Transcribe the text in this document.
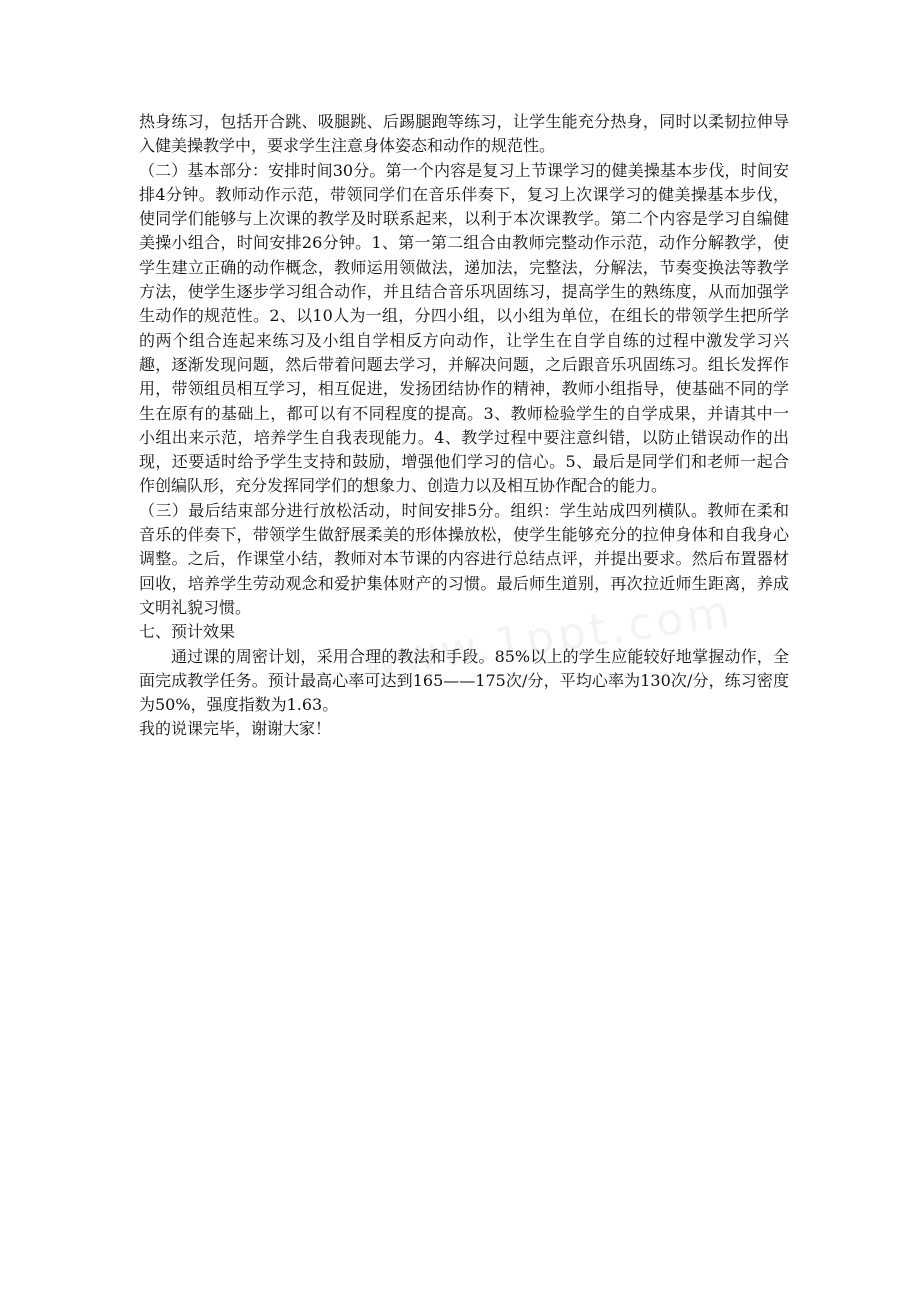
热身练习，包括开合跳、吸腿跳、后踢腿跑等练习，让学生能充分热身，同时以柔韧拉伸导入健美操教学中，要求学生注意身体姿态和动作的规范性。

（二）基本部分：安排时间30分。第一个内容是复习上节课学习的健美操基本步伐，时间安排4分钟。教师动作示范，带领同学们在音乐伴奏下，复习上次课学习的健美操基本步伐，使同学们能够与上次课的教学及时联系起来，以利于本次课教学。第二个内容是学习自编健美操小组合，时间安排26分钟。1、第一第二组合由教师完整动作示范，动作分解教学，使学生建立正确的动作概念，教师运用领做法，递加法，完整法，分解法，节奏变换法等教学方法，使学生逐步学习组合动作，并且结合音乐巩固练习，提高学生的熟练度，从而加强学生动作的规范性。2、以10人为一组，分四小组，以小组为单位，在组长的带领学生把所学的两个组合连起来练习及小组自学相反方向动作，让学生在自学自练的过程中激发学习兴趣，逐渐发现问题，然后带着问题去学习，并解决问题，之后跟音乐巩固练习。组长发挥作用，带领组员相互学习，相互促进，发扬团结协作的精神，教师小组指导，使基础不同的学生在原有的基础上，都可以有不同程度的提高。3、教师检验学生的自学成果，并请其中一小组出来示范，培养学生自我表现能力。4、教学过程中要注意纠错，以防止错误动作的出现，还要适时给予学生支持和鼓励，增强他们学习的信心。5、最后是同学们和老师一起合作创编队形，充分发挥同学们的想象力、创造力以及相互协作配合的能力。

（三）最后结束部分进行放松活动，时间安排5分。组织：学生站成四列横队。教师在柔和音乐的伴奏下，带领学生做舒展柔美的形体操放松，使学生能够充分的拉伸身体和自我身心调整。之后，作课堂小结，教师对本节课的内容进行总结点评，并提出要求。然后布置器材回收，培养学生劳动观念和爱护集体财产的习惯。最后师生道别，再次拉近师生距离，养成文明礼貌习惯。

七、预计效果

通过课的周密计划，采用合理的教法和手段。85%以上的学生应能较好地掌握动作，全面完成教学任务。预计最高心率可达到165——175次/分，平均心率为130次/分，练习密度为50%，强度指数为1.63。

我的说课完毕，谢谢大家！
